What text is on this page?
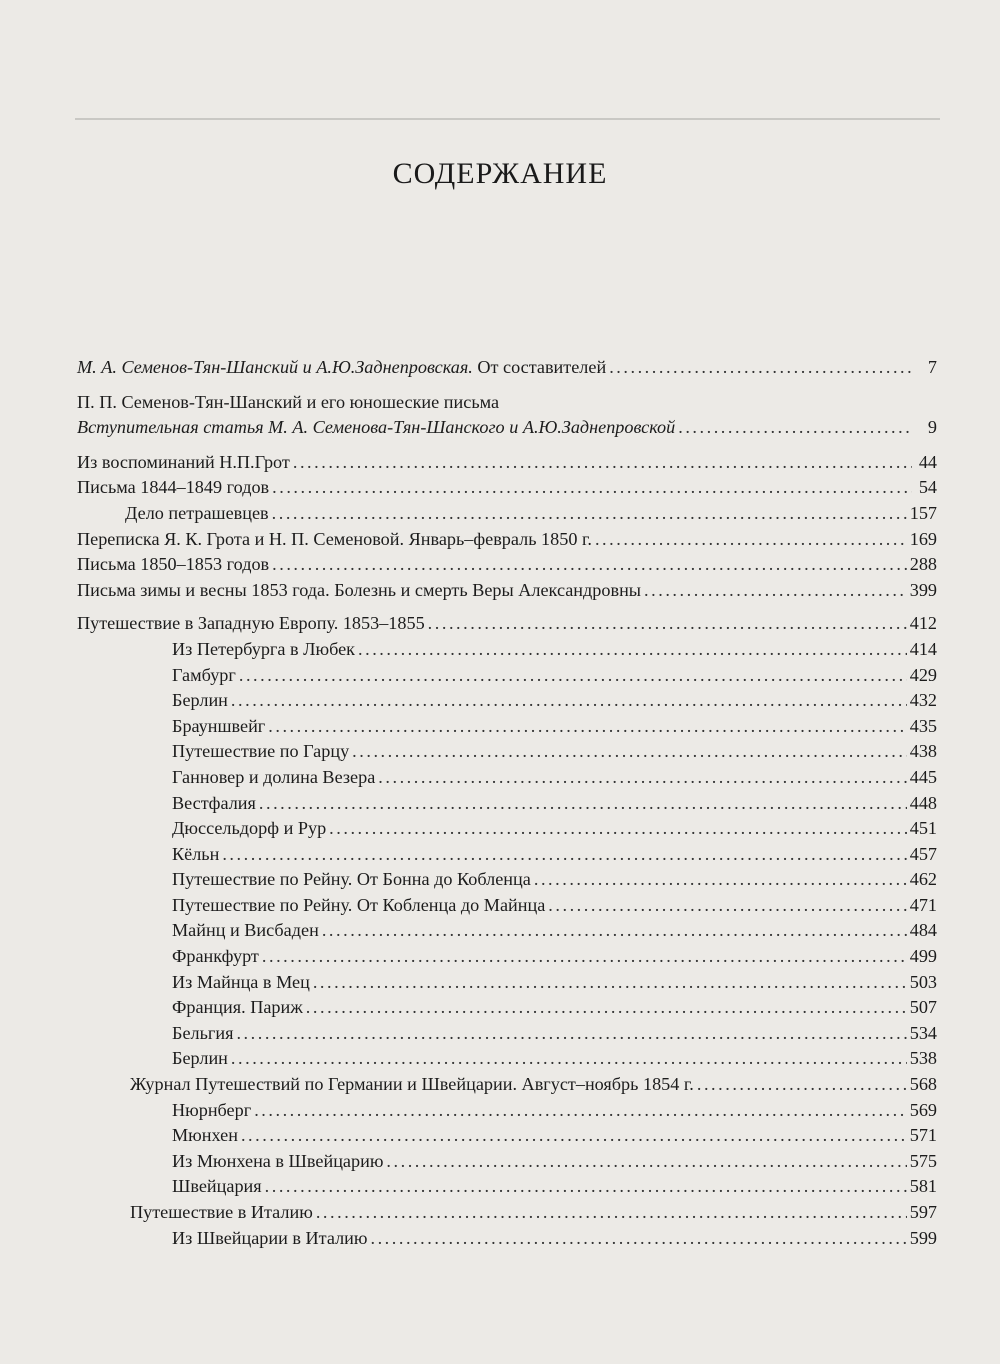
СОДЕРЖАНИЕ
М. А. Семенов-Тян-Шанский и А.Ю.Заднепровская. От составителей . . .	7
П. П. Семенов-Тян-Шанский и его юношеские письма
Вступительная статья М. А. Семенова-Тян-Шанского и А.Ю.Заднепровской . . .	9
Из воспоминаний Н.П.Грот . . .	44
Письма 1844–1849 годов . . .	54
Дело петрашевцев . . .	157
Переписка Я. К. Грота и Н. П. Семеновой. Январь–февраль 1850 г. . . .	169
Письма 1850–1853 годов . . .	288
Письма зимы и весны 1853 года. Болезнь и смерть Веры Александровны . . .	399
Путешествие в Западную Европу. 1853–1855 . . .	412
Из Петербурга в Любек . . .	414
Гамбург . . .	429
Берлин . . .	432
Брауншвейг . . .	435
Путешествие по Гарцу . . .	438
Ганновер и долина Везера . . .	445
Вестфалия . . .	448
Дюссельдорф и Рур . . .	451
Кёльн . . .	457
Путешествие по Рейну. От Бонна до Кобленца . . .	462
Путешествие по Рейну. От Кобленца до Майнца . . .	471
Майнц и Висбаден . . .	484
Франкфурт . . .	499
Из Майнца в Мец . . .	503
Франция. Париж . . .	507
Бельгия . . .	534
Берлин . . .	538
Журнал Путешествий по Германии и Швейцарии. Август–ноябрь 1854 г. . . .	568
Нюрнберг . . .	569
Мюнхен . . .	571
Из Мюнхена в Швейцарию . . .	575
Швейцария . . .	581
Путешествие в Италию . . .	597
Из Швейцарии в Италию . . .	599
